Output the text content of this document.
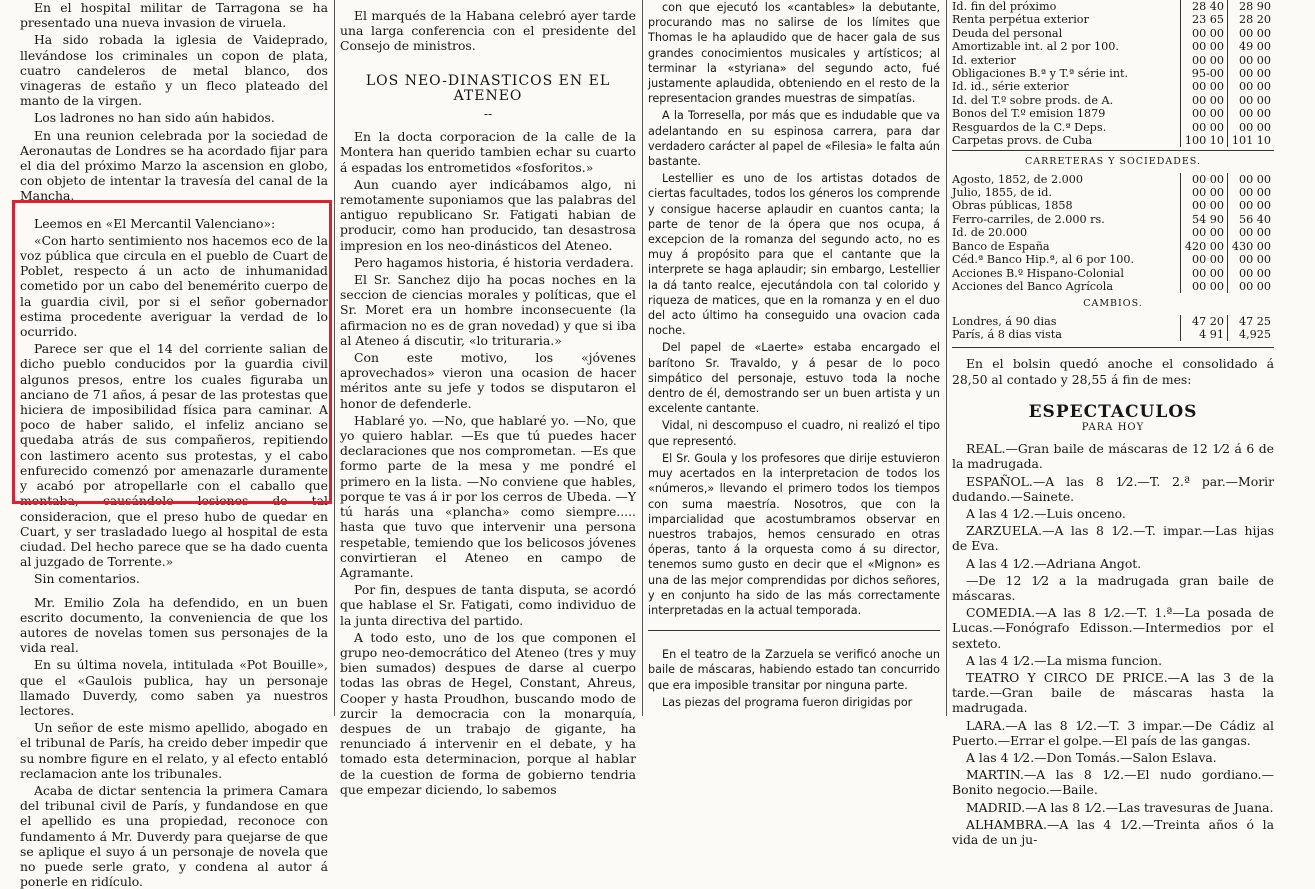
En el hospital militar de Tarragona se ha presentado una nueva invasion de viruela.

Ha sido robada la iglesia de Vaideprado, llevándose los criminales un copon de plata, cuatro candeleros de metal blanco, dos vinageras de estaño y un fleco plateado del manto de la virgen.

Los ladrones no han sido aún habidos.

En una reunion celebrada por la sociedad de Aeronautas de Londres se ha acordado fijar para el dia del próximo Marzo la ascension en globo, con objeto de intentar la travesía del canal de la Mancha.

Leemos en «El Mercantil Valenciano»:

«Con harto sentimiento nos hacemos eco de la voz pública que circula en el pueblo de Cuart de Poblet, respecto á un acto de inhumanidad cometido por un cabo del benemérito cuerpo de la guardia civil, por si el señor gobernador estima procedente averiguar la verdad de lo ocurrido.

Parece ser que el 14 del corriente salian de dicho pueblo conducidos por la guardia civil algunos presos, entre los cuales figuraba un anciano de 71 años, á pesar de las protestas que hiciera de imposibilidad física para caminar. A poco de haber salido, el infeliz anciano se quedaba atrás de sus compañeros, repitiendo con lastimero acento sus protestas, y el cabo enfurecido comenzó por amenazarle duramente y acabó por atropellarle con el caballo que montaba, causándole lesiones de tal consideracion, que el preso hubo de quedar en Cuart, y ser trasladado luego al hospital de esta ciudad. Del hecho parece que se ha dado cuenta al juzgado de Torrente.»

Sin comentarios.

Mr. Emilio Zola ha defendido, en un buen escrito documento, la conveniencia de que los autores de novelas tomen sus personajes de la vida real.

En su última novela, intitulada «Pot Bouille», que el «Gaulois publica, hay un personaje llamado Duverdy, como saben ya nuestros lectores.

Un señor de este mismo apellido, abogado en el tribunal de París, ha creido deber impedir que su nombre figure en el relato, y al efecto entabló reclamacion ante los tribunales.

Acaba de dictar sentencia la primera Camara del tribunal civil de París, y fundandose en que el apellido es una propiedad, reconoce con fundamento á Mr. Duverdy para quejarse de que se aplique el suyo á un personaje de novela que no puede serle grato, y condena al autor á ponerle en ridículo.

El marqués de la Habana celebró ayer tarde una larga conferencia con el presidente del Consejo de ministros.

LOS NEO-DINASTICOS EN EL ATENEO
--

En la docta corporacion de la calle de la Montera han querido tambien echar su cuarto á espadas los entrometidos «fosforitos.»

Aun cuando ayer indicábamos algo, ni remotamente suponiamos que las palabras del antiguo republicano Sr. Fatigati habian de producir, como han producido, tan desastrosa impresion en los neo-dinásticos del Ateneo.

Pero hagamos historia, é historia verdadera.

El Sr. Sanchez dijo ha pocas noches en la seccion de ciencias morales y políticas, que el Sr. Moret era un hombre inconsecuente (la afirmacion no es de gran novedad) y que si iba al Ateneo á discutir, «lo trituraria.»

Con este motivo, los «jóvenes aprovechados» vieron una ocasion de hacer méritos ante su jefe y todos se disputaron el honor de defenderle.

Hablaré yo. —No, que hablaré yo. —No, que yo quiero hablar. —Es que tú puedes hacer declaraciones que nos comprometan. —Es que formo parte de la mesa y me pondré el primero en la lista. —No conviene que hables, porque te vas á ir por los cerros de Ubeda. —Y tú harás una «plancha» como siempre..... hasta que tuvo que intervenir una persona respetable, temiendo que los belicosos jóvenes convirtieran el Ateneo en campo de Agramante.

Por fin, despues de tanta disputa, se acordó que hablase el Sr. Fatigati, como individuo de la junta directiva del partido.

A todo esto, uno de los que componen el grupo neo-democrático del Ateneo (tres y muy bien sumados) despues de darse al cuerpo todas las obras de Hegel, Constant, Ahreus, Cooper y hasta Proudhon, buscando modo de zurcir la democracia con la monarquía, despues de un trabajo de gigante, ha renunciado á intervenir en el debate, y ha tomado esta determinacion, porque al hablar de la cuestion de forma de gobierno tendria que empezar diciendo, lo sabemos

con que ejecutó los «cantables» la debutante, procurando mas no salirse de los límites que Thomas le ha aplaudido que de hacer gala de sus grandes conocimientos musicales y artísticos; al terminar la «styriana» del segundo acto, fué justamente aplaudida, obteniendo en el resto de la representacion grandes muestras de simpatías.

A la Torresella, por más que es indudable que va adelantando en su espinosa carrera, para dar verdadero carácter al papel de «Filesia» le falta aún bastante.

Lestellier es uno de los artistas dotados de ciertas facultades, todos los géneros los comprende y consigue hacerse aplaudir en cuantos canta; la parte de tenor de la ópera que nos ocupa, á excepcion de la romanza del segundo acto, no es muy á propósito para que el cantante que la interprete se haga aplaudir; sin embargo, Lestellier la dá tanto realce, ejecutándola con tal colorido y riqueza de matices, que en la romanza y en el duo del acto último ha conseguido una ovacion cada noche.

Del papel de «Laerte» estaba encargado el barítono Sr. Travaldo, y á pesar de lo poco simpático del personaje, estuvo toda la noche dentro de él, demostrando ser un buen artista y un excelente cantante.

Vidal, ni descompuso el cuadro, ni realizó el tipo que representó.

El Sr. Goula y los profesores que dirije estuvieron muy acertados en la interpretacion de todos los «números,» llevando el primero todos los tiempos con suma maestría. Nosotros, que con la imparcialidad que acostumbramos observar en nuestros trabajos, hemos censurado en otras óperas, tanto á la orquesta como á su director, tenemos sumo gusto en decir que el «Mignon» es una de las mejor comprendidas por dichos señores, y en conjunto ha sido de las más correctamente interpretadas en la actual temporada.

En el teatro de la Zarzuela se verificó anoche un baile de máscaras, habiendo estado tan concurrido que era imposible transitar por ninguna parte.

Las piezas del programa fueron dirigidas por

Id. fin del próximo	28 40	28 90
Renta perpétua exterior	23 65	28 20
Deuda del personal	00 00	00 00
Amortizable int. al 2 por 100.	00 00	49 00
Id. exterior	00 00	00 00
Obligaciones B.ª y T.ª série int.	95-00	00 00
Id. id., série exterior	00 00	00 00
Id. del T.º sobre prods. de A.	00 00	00 00
Bonos del T.º emision 1879	00 00	00 00
Resguardos de la C.ª Deps.	00 00	00 00
Carpetas provs. de Cuba	100 10	101 10
CARRETERAS Y SOCIEDADES.
Agosto, 1852, de 2.000	00 00	00 00
Julio, 1855, de id.	00 00	00 00
Obras públicas, 1858	00 00	00 00
Ferro-carriles, de 2.000 rs.	54 90	56 40
Id. de 20.000	00 00	00 00
Banco de España	420 00	430 00
Céd.ª Banco Hip.ª, al 6 por 100.	00 00	00 00
Acciones B.º Hispano-Colonial	00 00	00 00
Acciones del Banco Agrícola	00 00	00 00
CAMBIOS.
Londres, á 90 dias	47 20	47 25
París, á 8 dias vista	4 91	4,925

En el bolsin quedó anoche el consolidado á 28,50 al contado y 28,55 á fin de mes:

ESPECTACULOS
PARA HOY

REAL.—Gran baile de máscaras de 12 1⁄2 á 6 de la madrugada.

ESPAÑOL.—A las 8 1⁄2.—T. 2.ª par.—Morir dudando.—Sainete.

A las 4 1⁄2.—Luis onceno.

ZARZUELA.—A las 8 1⁄2.—T. impar.—Las hijas de Eva.

A las 4 1⁄2.—Adriana Angot.

—De 12 1⁄2 a la madrugada gran baile de máscaras.

COMEDIA.—A las 8 1⁄2.—T. 1.ª—La posada de Lucas.—Fonógrafo Edisson.—Intermedios por el sexteto.

A las 4 1⁄2.—La misma funcion.

TEATRO Y CIRCO DE PRICE.—A las 3 de la tarde.—Gran baile de máscaras hasta la madrugada.

LARA.—A las 8 1⁄2.—T. 3 impar.—De Cádiz al Puerto.—Errar el golpe.—El país de las gangas.

A las 4 1⁄2.—Don Tomás.—Salon Eslava.

MARTIN.—A las 8 1⁄2.—El nudo gordiano.—Bonito negocio.—Baile.

MADRID.—A las 8 1⁄2.—Las travesuras de Juana.

ALHAMBRA.—A las 4 1⁄2.—Treinta años ó la vida de un ju-
